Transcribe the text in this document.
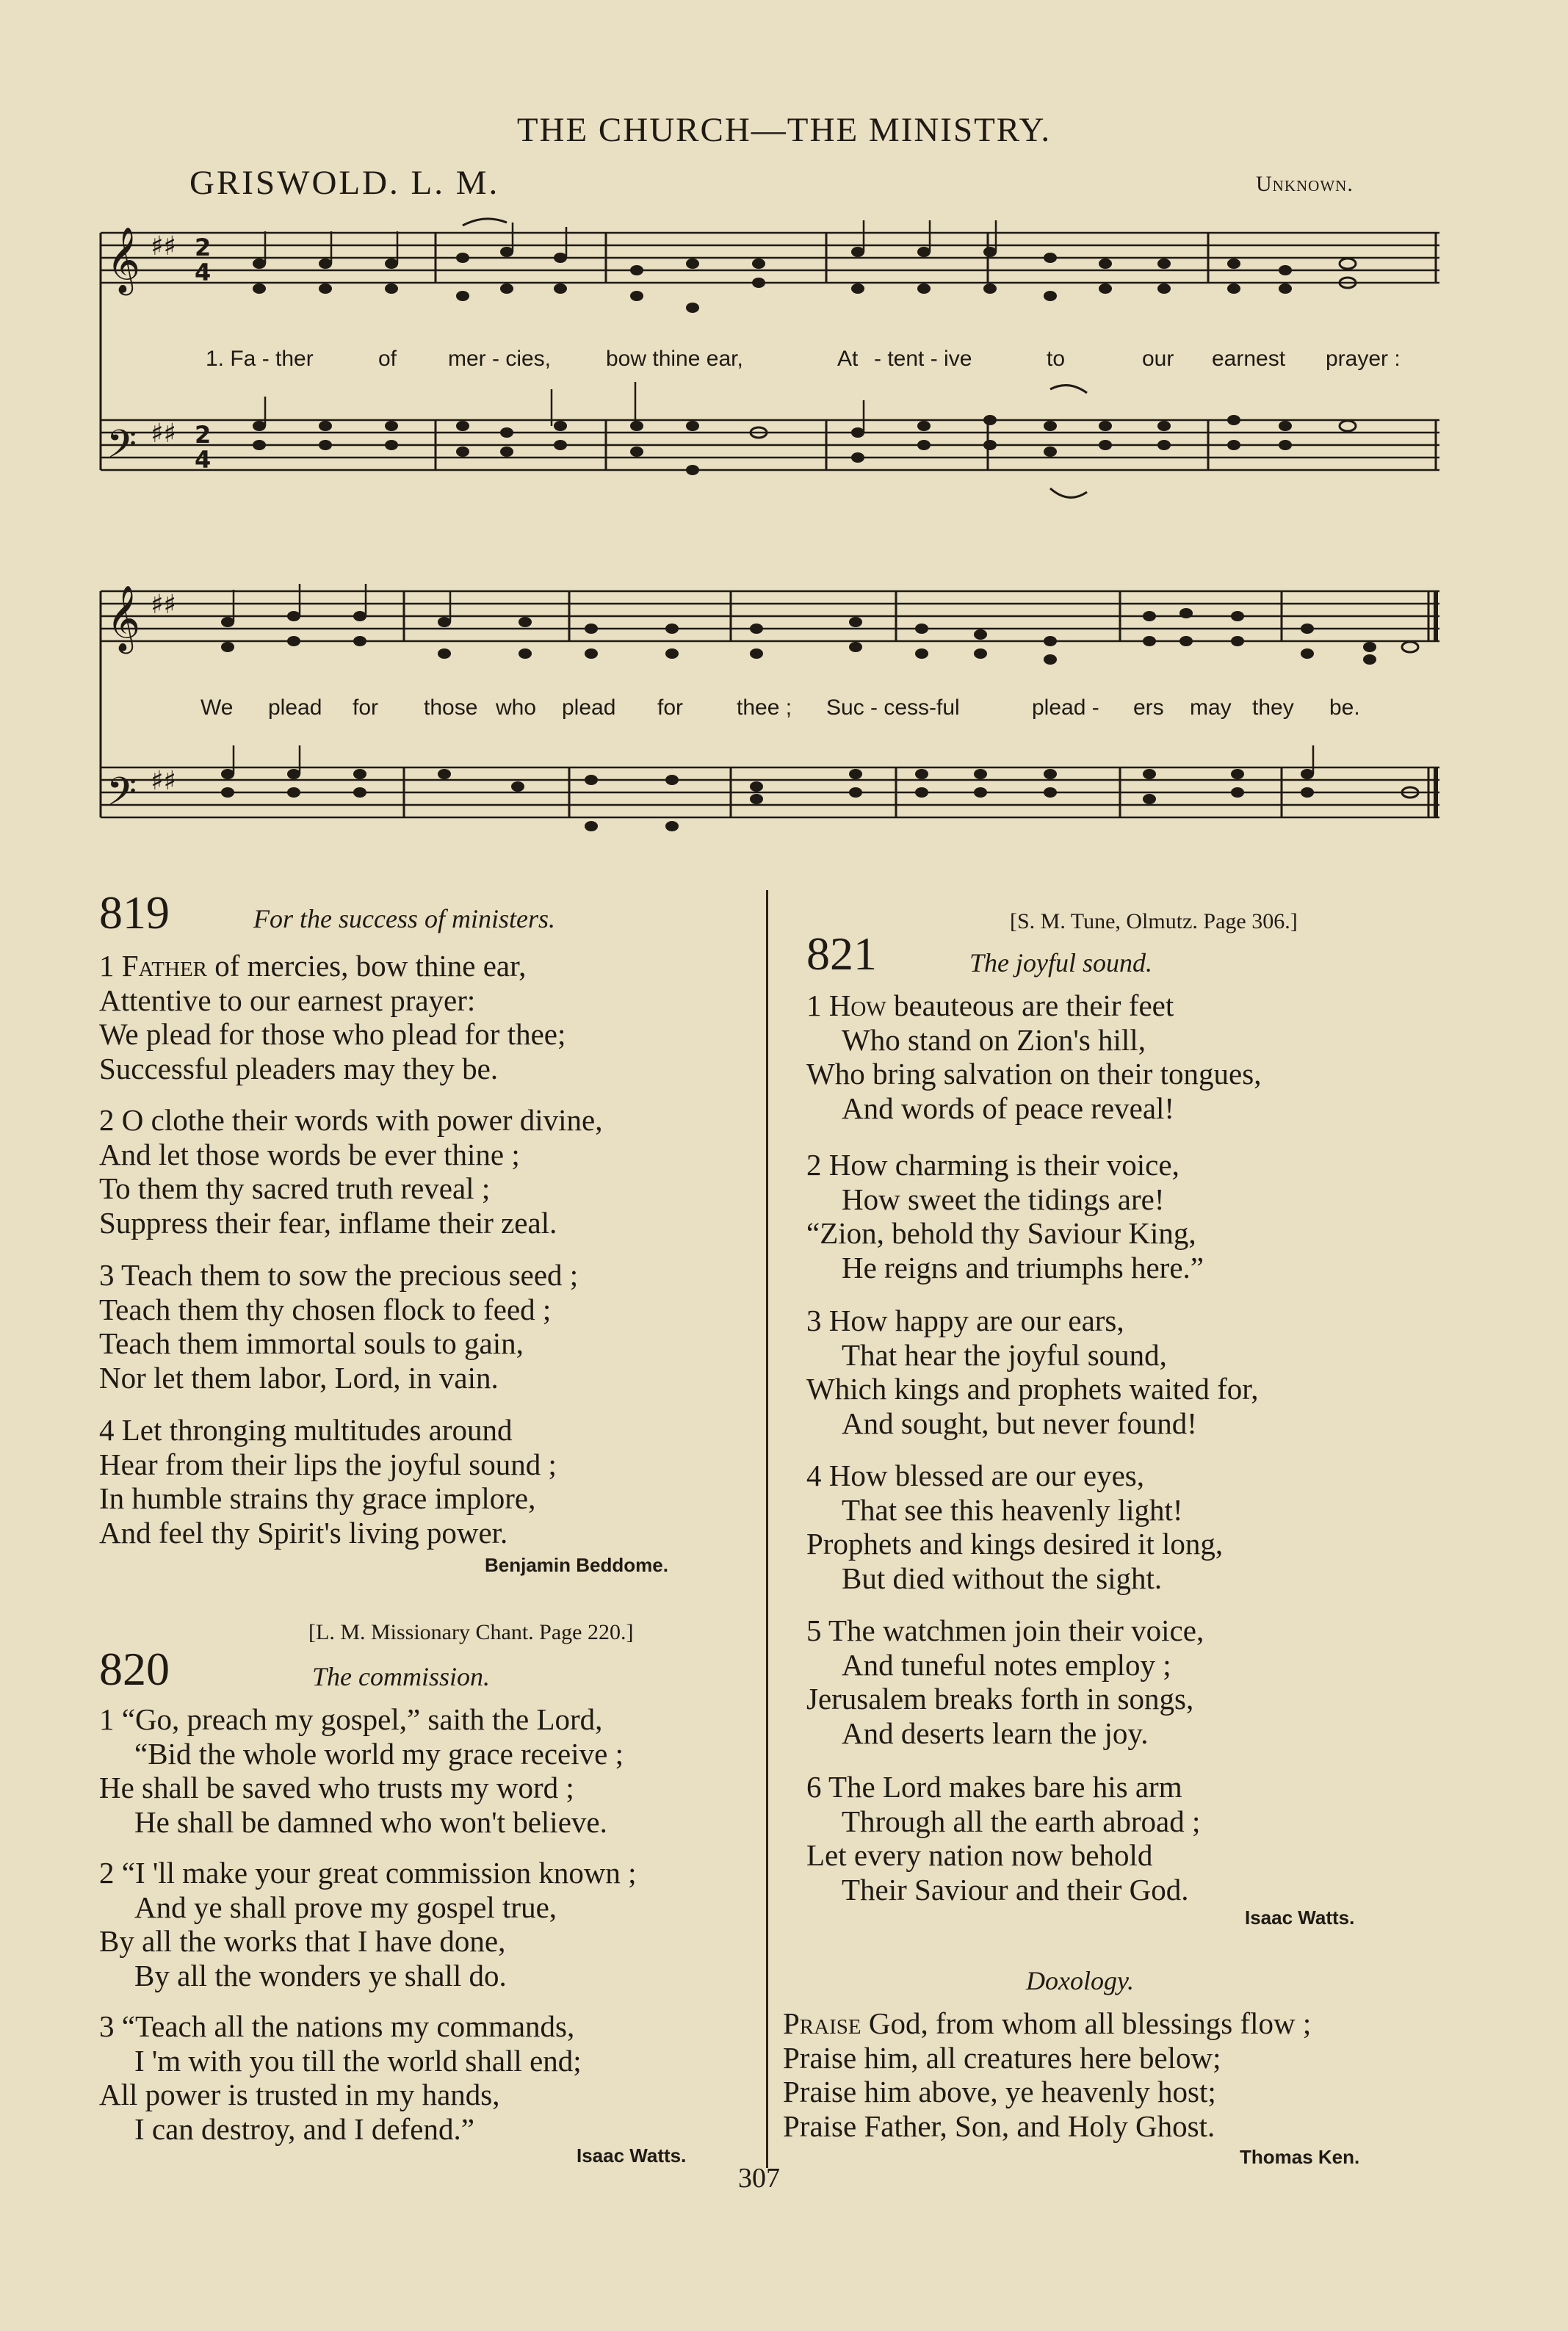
THE CHURCH—THE MINISTRY.
GRISWOLD. L. M.	Unknown.
𝄞
𝄢
♯♯ 2
4
♯♯ 2
4
1. Fa - ther	of mer - cies, bow thine ear,	At - tent - ive	to	our earnest prayer :
𝄞
𝄢
♯♯
♯♯
We plead for those who plead for thee ; Suc - cess-ful	plead - ers may they be.
819	For the success of ministers.
1 Father of mercies, bow thine ear,
Attentive to our earnest prayer:
We plead for those who plead for thee;
Successful pleaders may they be.
2 O clothe their words with power divine,
And let those words be ever thine ;
To them thy sacred truth reveal ;
Suppress their fear, inflame their zeal.
3 Teach them to sow the precious seed ;
Teach them thy chosen flock to feed ;
Teach them immortal souls to gain,
Nor let them labor, Lord, in vain.
4 Let thronging multitudes around
Hear from their lips the joyful sound ;
In humble strains thy grace implore,
And feel thy Spirit's living power.
Benjamin Beddome.
[L. M. Missionary Chant. Page 220.]
820	The commission.
1 “Go, preach my gospel,” saith the Lord,
“Bid the whole world my grace receive ;
He shall be saved who trusts my word ;
He shall be damned who won't believe.
2 “I 'll make your great commission known ;
And ye shall prove my gospel true,
By all the works that I have done,
By all the wonders ye shall do.
3 “Teach all the nations my commands,
I 'm with you till the world shall end;
All power is trusted in my hands,
I can destroy, and I defend.”
Isaac Watts.
[S. M. Tune, Olmutz. Page 306.]
821	The joyful sound.
1 How beauteous are their feet
Who stand on Zion's hill,
Who bring salvation on their tongues,
And words of peace reveal!
2 How charming is their voice,
How sweet the tidings are!
“Zion, behold thy Saviour King,
He reigns and triumphs here.”
3 How happy are our ears,
That hear the joyful sound,
Which kings and prophets waited for,
And sought, but never found!
4 How blessed are our eyes,
That see this heavenly light!
Prophets and kings desired it long,
But died without the sight.
5 The watchmen join their voice,
And tuneful notes employ ;
Jerusalem breaks forth in songs,
And deserts learn the joy.
6 The Lord makes bare his arm
Through all the earth abroad ;
Let every nation now behold
Their Saviour and their God.
Isaac Watts.
Doxology.
Praise God, from whom all blessings flow ;
Praise him, all creatures here below;
Praise him above, ye heavenly host;
Praise Father, Son, and Holy Ghost.
Thomas Ken.
307
